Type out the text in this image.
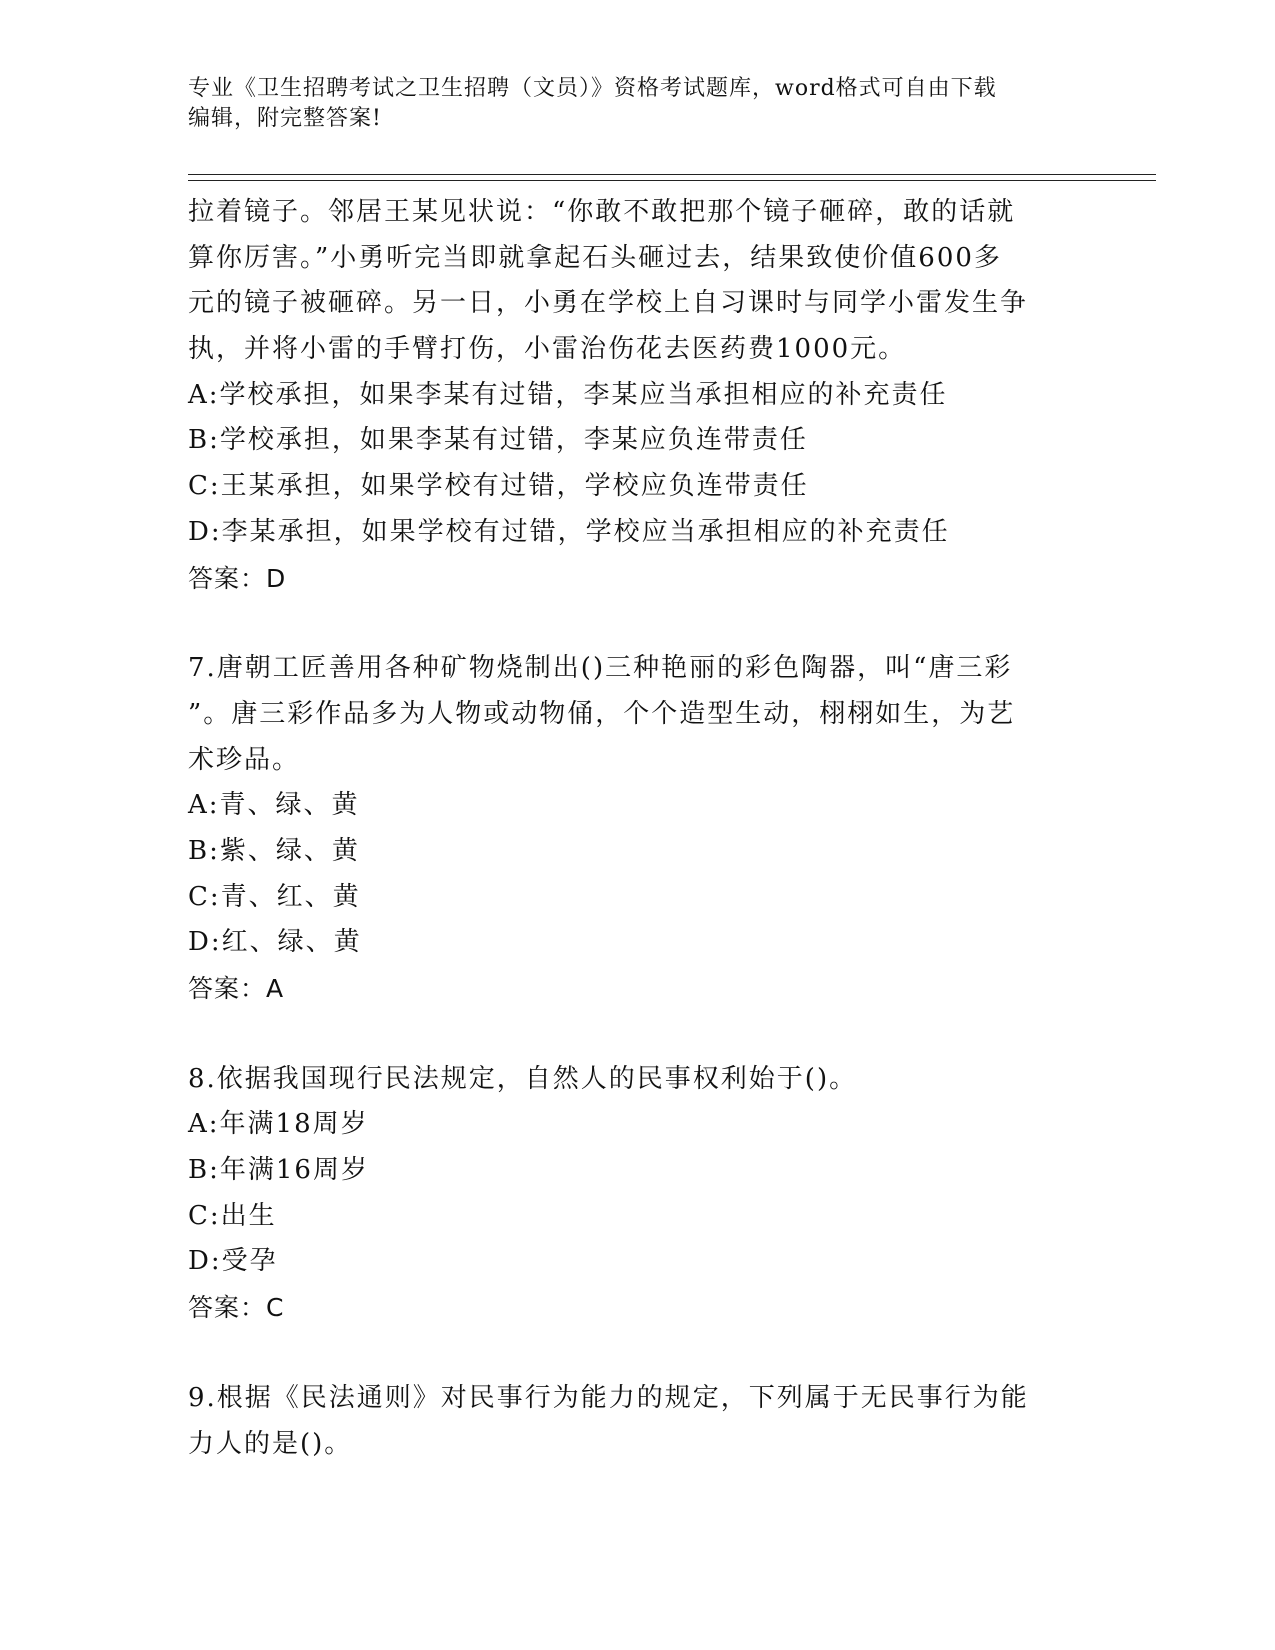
专业《卫生招聘考试之卫生招聘（文员）》资格考试题库，word格式可自由下载
编辑，附完整答案!
拉着镜子。邻居王某见状说：“你敢不敢把那个镜子砸碎，敢的话就
算你厉害。”小勇听完当即就拿起石头砸过去，结果致使价值600多
元的镜子被砸碎。另一日，小勇在学校上自习课时与同学小雷发生争
执，并将小雷的手臂打伤，小雷治伤花去医药费1000元。
A:学校承担，如果李某有过错，李某应当承担相应的补充责任
B:学校承担，如果李某有过错，李某应负连带责任
C:王某承担，如果学校有过错，学校应负连带责任
D:李某承担，如果学校有过错，学校应当承担相应的补充责任
答案：D
7.唐朝工匠善用各种矿物烧制出()三种艳丽的彩色陶器，叫“唐三彩
”。唐三彩作品多为人物或动物俑，个个造型生动，栩栩如生，为艺
术珍品。
A:青、绿、黄
B:紫、绿、黄
C:青、红、黄
D:红、绿、黄
答案：A
8.依据我国现行民法规定，自然人的民事权利始于()。
A:年满18周岁
B:年满16周岁
C:出生
D:受孕
答案：C
9.根据《民法通则》对民事行为能力的规定，下列属于无民事行为能
力人的是()。
